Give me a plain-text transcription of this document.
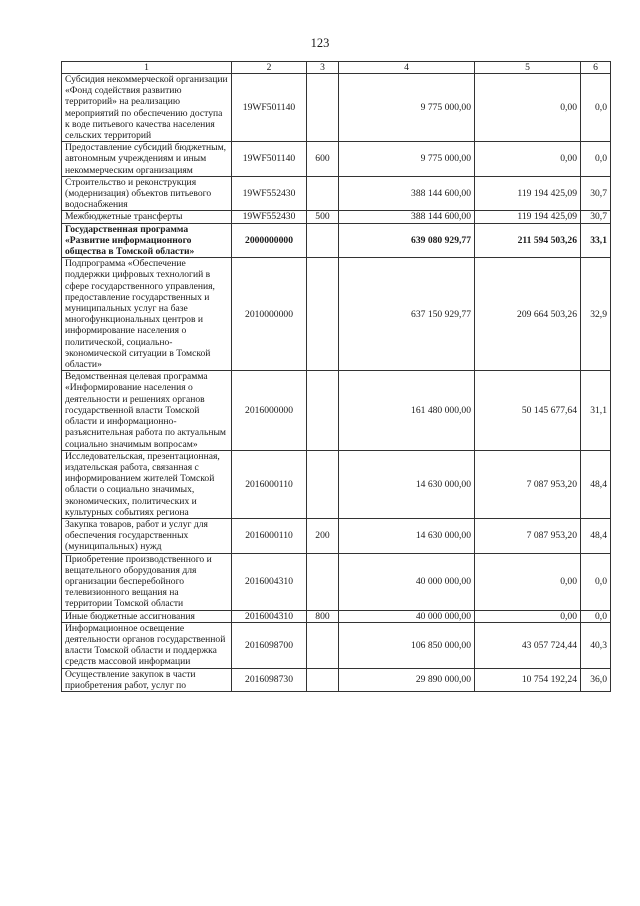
123
1	2	3	4	5	6
Субсидия некоммерческой организации «Фонд содействия развитию территорий» на реализацию мероприятий по обеспечению доступа к воде питьевого качества населения сельских территорий	19WF501140		9 775 000,00	0,00	0,0
Предоставление субсидий бюджетным, автономным учреждениям и иным некоммерческим организациям	19WF501140	600	9 775 000,00	0,00	0,0
Строительство и реконструкция (модернизация) объектов питьевого водоснабжения	19WF552430		388 144 600,00	119 194 425,09	30,7
Межбюджетные трансферты	19WF552430	500	388 144 600,00	119 194 425,09	30,7
Государственная программа «Развитие информационного общества в Томской области»	2000000000		639 080 929,77	211 594 503,26	33,1
Подпрограмма «Обеспечение поддержки цифровых технологий в сфере государственного управления, предоставление государственных и муниципальных услуг на базе многофункциональных центров и информирование населения о политической, социально-экономической ситуации в Томской области»	2010000000		637 150 929,77	209 664 503,26	32,9
Ведомственная целевая программа «Информирование населения о деятельности и решениях органов государственной власти Томской области и информационно-разъяснительная работа по актуальным социально значимым вопросам»	2016000000		161 480 000,00	50 145 677,64	31,1
Исследовательская, презентационная, издательская работа, связанная с информированием жителей Томской области о социально значимых, экономических, политических и культурных событиях региона	2016000110		14 630 000,00	7 087 953,20	48,4
Закупка товаров, работ и услуг для обеспечения государственных (муниципальных) нужд	2016000110	200	14 630 000,00	7 087 953,20	48,4
Приобретение производственного и вещательного оборудования для организации бесперебойного телевизионного вещания на территории Томской области	2016004310		40 000 000,00	0,00	0,0
Иные бюджетные ассигнования	2016004310	800	40 000 000,00	0,00	0,0
Информационное освещение деятельности органов государственной власти Томской области и поддержка средств массовой информации	2016098700		106 850 000,00	43 057 724,44	40,3
Осуществление закупок в части приобретения работ, услуг по	2016098730		29 890 000,00	10 754 192,24	36,0
